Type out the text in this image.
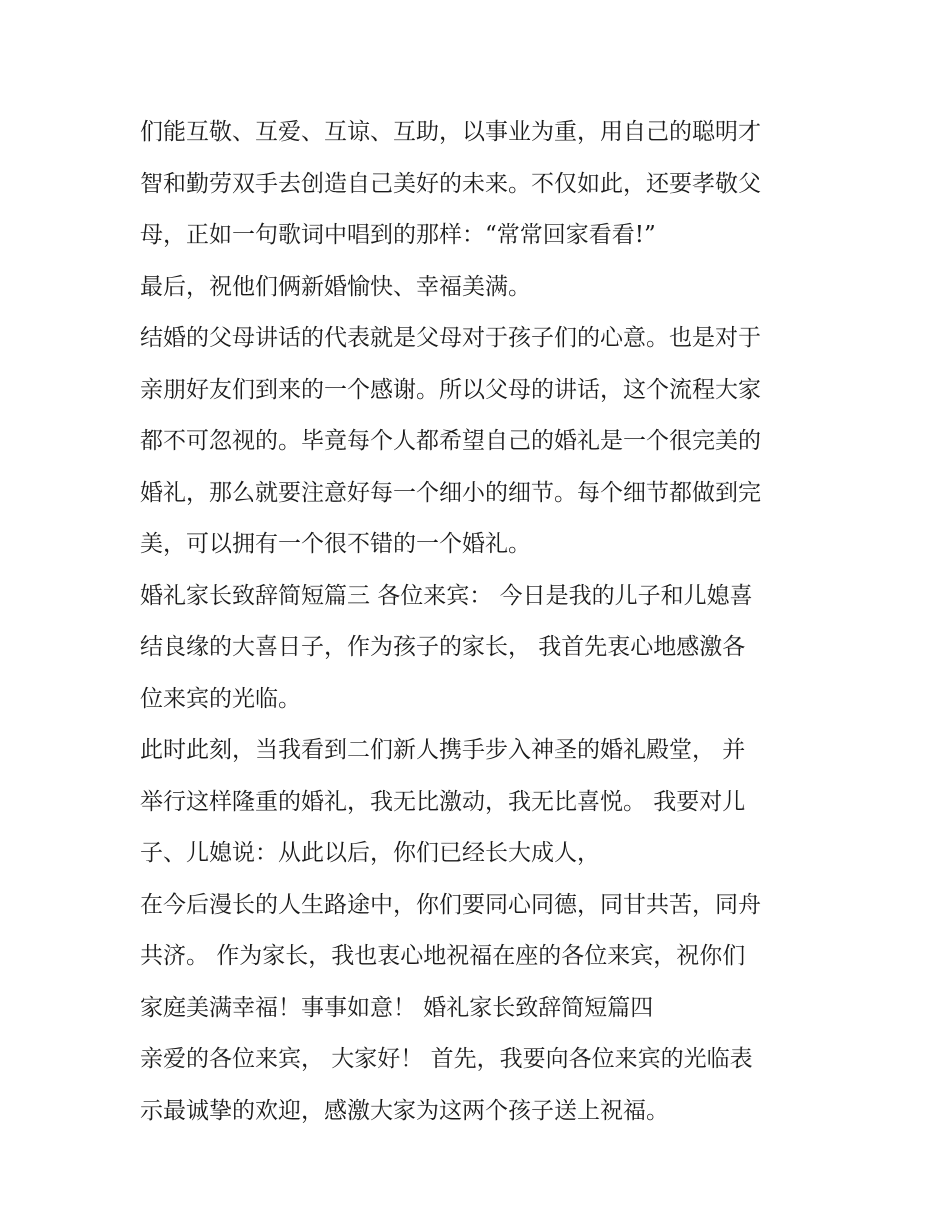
们能互敬、互爱、互谅、互助，以事业为重，用自己的聪明才
智和勤劳双手去创造自己美好的未来。不仅如此，还要孝敬父
母，正如一句歌词中唱到的那样：“常常回家看看!”
最后，祝他们俩新婚愉快、幸福美满。
结婚的父母讲话的代表就是父母对于孩子们的心意。也是对于
亲朋好友们到来的一个感谢。所以父母的讲话，这个流程大家
都不可忽视的。毕竟每个人都希望自己的婚礼是一个很完美的
婚礼，那么就要注意好每一个细小的细节。每个细节都做到完
美，可以拥有一个很不错的一个婚礼。
婚礼家长致辞简短篇三 各位来宾： 今日是我的儿子和儿媳喜
结良缘的大喜日子，作为孩子的家长， 我首先衷心地感激各
位来宾的光临。
此时此刻，当我看到二们新人携手步入神圣的婚礼殿堂， 并
举行这样隆重的婚礼，我无比激动，我无比喜悦。 我要对儿
子、儿媳说：从此以后，你们已经长大成人，
在今后漫长的人生路途中，你们要同心同德，同甘共苦，同舟
共济。 作为家长，我也衷心地祝福在座的各位来宾，祝你们
家庭美满幸福！事事如意！ 婚礼家长致辞简短篇四
亲爱的各位来宾， 大家好！ 首先，我要向各位来宾的光临表
示最诚挚的欢迎，感激大家为这两个孩子送上祝福。
